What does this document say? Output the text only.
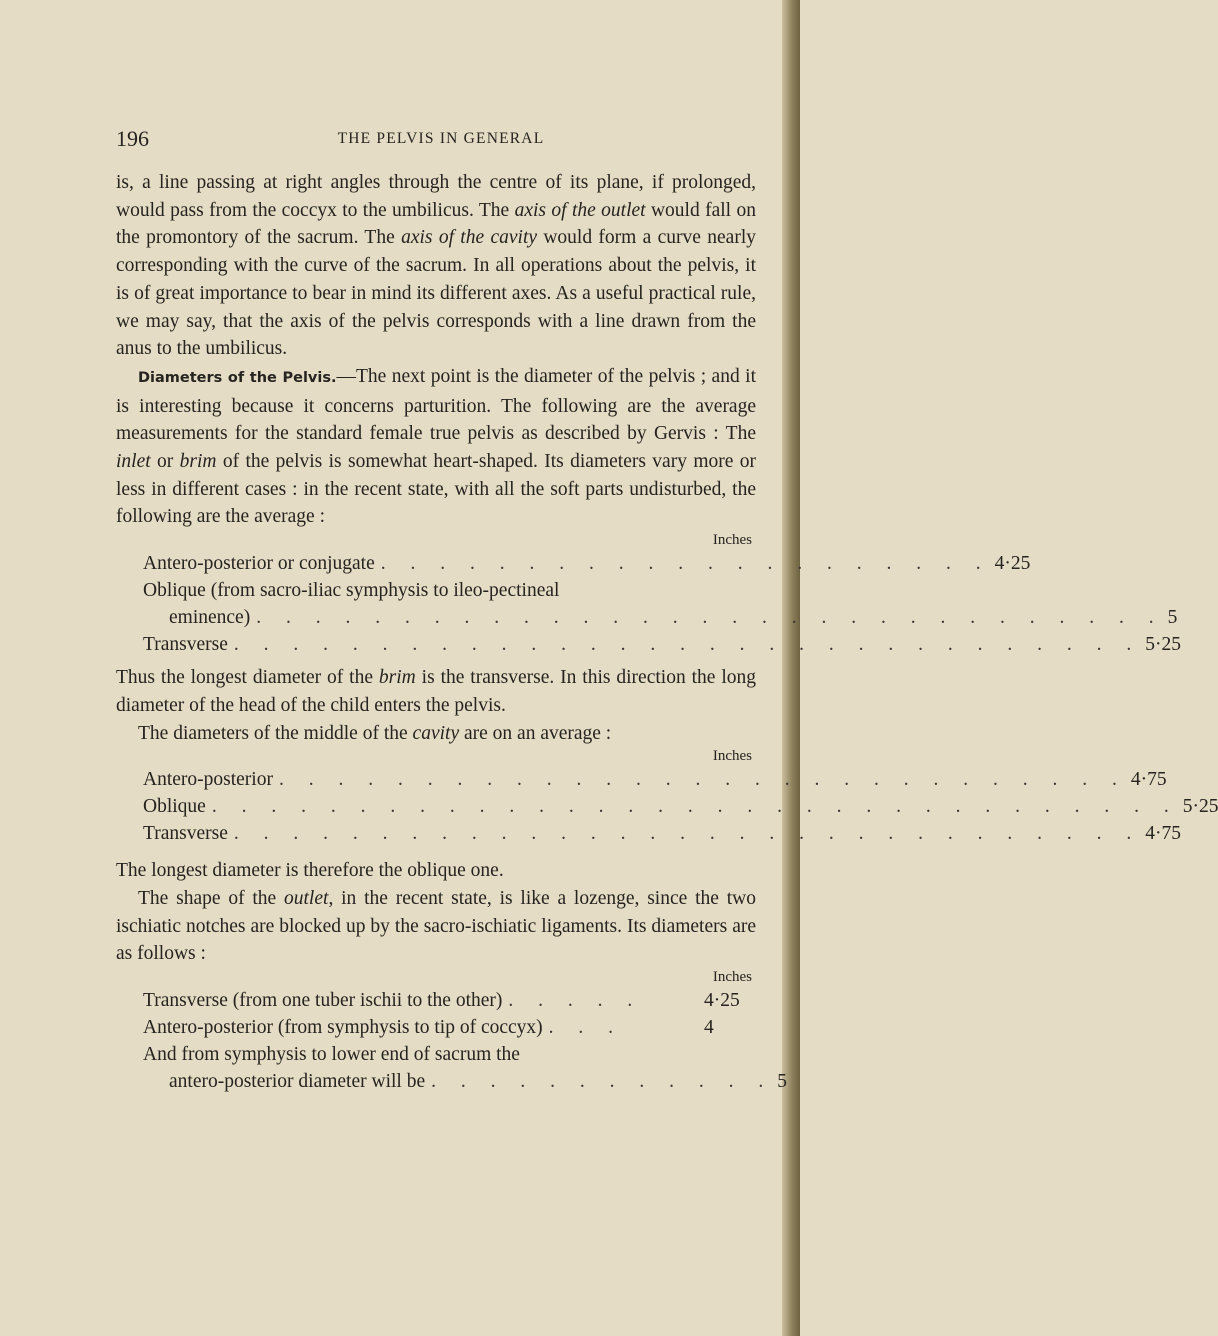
196	THE PELVIS IN GENERAL

is, a line passing at right angles through the centre of its plane, if prolonged, would pass from the coccyx to the umbilicus. The axis of the outlet would fall on the promontory of the sacrum. The axis of the cavity would form a curve nearly corresponding with the curve of the sacrum. In all operations about the pelvis, it is of great importance to bear in mind its different axes. As a useful practical rule, we may say, that the axis of the pelvis corresponds with a line drawn from the anus to the umbilicus.

Diameters of the Pelvis.—The next point is the diameter of the pelvis ; and it is interesting because it concerns parturition. The following are the average measurements for the standard female true pelvis as described by Gervis : The inlet or brim of the pelvis is somewhat heart-shaped. Its diameters vary more or less in different cases : in the recent state, with all the soft parts undisturbed, the following are the average :

Inches
Antero-posterior or conjugate . . . . . . . . . . . . . . . . . . . . . 4·25
Oblique (from sacro-iliac symphysis to ileo-pectineal
eminence) . . . . . . . . . . . . . . . . . . . . . . . . . . . . . . . 5
Transverse . . . . . . . . . . . . . . . . . . . . . . . . . . . . . . . 5·25

Thus the longest diameter of the brim is the transverse. In this direction the long diameter of the head of the child enters the pelvis.

The diameters of the middle of the cavity are on an average :

Inches
Antero-posterior . . . . . . . . . . . . . . . . . . . . . . . . . . . . . 4·75
Oblique . . . . . . . . . . . . . . . . . . . . . . . . . . . . . . . . . 5·25
Transverse . . . . . . . . . . . . . . . . . . . . . . . . . . . . . . . 4·75

The longest diameter is therefore the oblique one.

The shape of the outlet, in the recent state, is like a lozenge, since the two ischiatic notches are blocked up by the sacro-ischiatic ligaments. Its diameters are as follows :

Inches
Transverse (from one tuber ischii to the other) . . . . .	4·25
Antero-posterior (from symphysis to tip of coccyx) . . .	4
And from symphysis to lower end of sacrum the
antero-posterior diameter will be . . . . . . . . . . . . 5
